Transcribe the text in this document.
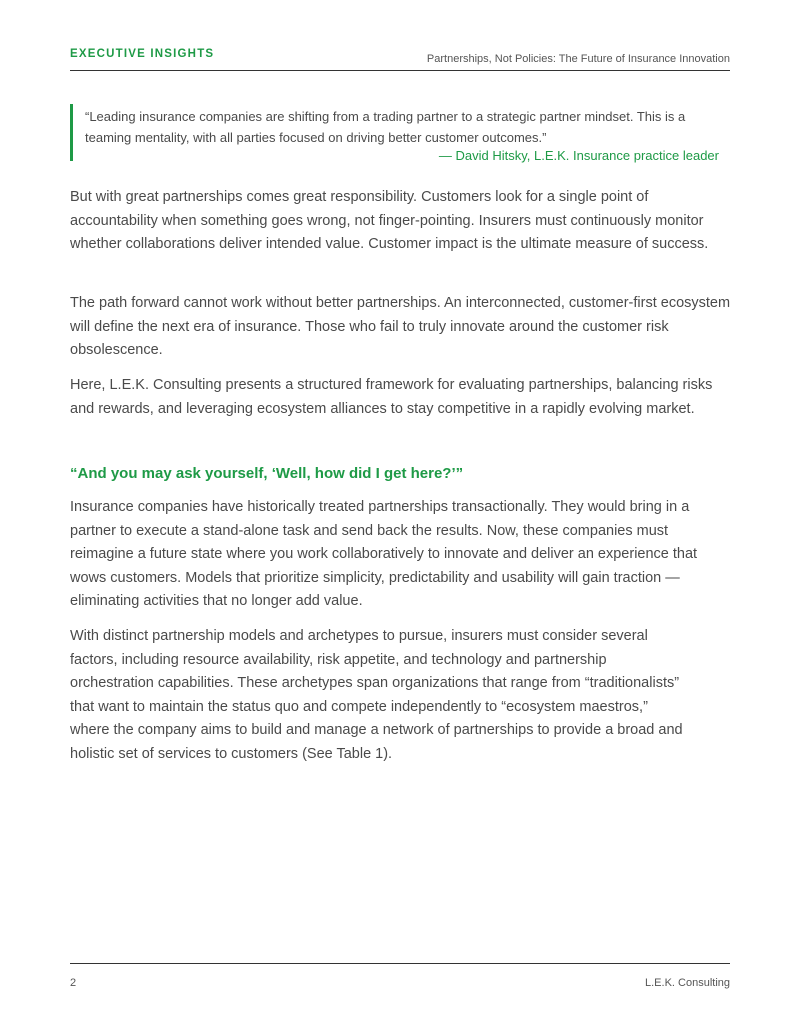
EXECUTIVE INSIGHTS	Partnerships, Not Policies: The Future of Insurance Innovation
“Leading insurance companies are shifting from a trading partner to a strategic partner mindset. This is a teaming mentality, with all parties focused on driving better customer outcomes.”
— David Hitsky, L.E.K. Insurance practice leader

But with great partnerships comes great responsibility. Customers look for a single point of accountability when something goes wrong, not finger-pointing. Insurers must continuously monitor whether collaborations deliver intended value. Customer impact is the ultimate measure of success.

The path forward cannot work without better partnerships. An interconnected, customer-first ecosystem will define the next era of insurance. Those who fail to truly innovate around the customer risk obsolescence.

Here, L.E.K. Consulting presents a structured framework for evaluating partnerships, balancing risks and rewards, and leveraging ecosystem alliances to stay competitive in a rapidly evolving market.

“And you may ask yourself, ‘Well, how did I get here?’”

Insurance companies have historically treated partnerships transactionally. They would bring in a partner to execute a stand-alone task and send back the results. Now, these companies must reimagine a future state where you work collaboratively to innovate and deliver an experience that wows customers. Models that prioritize simplicity, predictability and usability will gain traction — eliminating activities that no longer add value.

With distinct partnership models and archetypes to pursue, insurers must consider several factors, including resource availability, risk appetite, and technology and partnership orchestration capabilities. These archetypes span organizations that range from “traditionalists” that want to maintain the status quo and compete independently to “ecosystem maestros,” where the company aims to build and manage a network of partnerships to provide a broad and holistic set of services to customers (See Table 1).

2	L.E.K. Consulting
